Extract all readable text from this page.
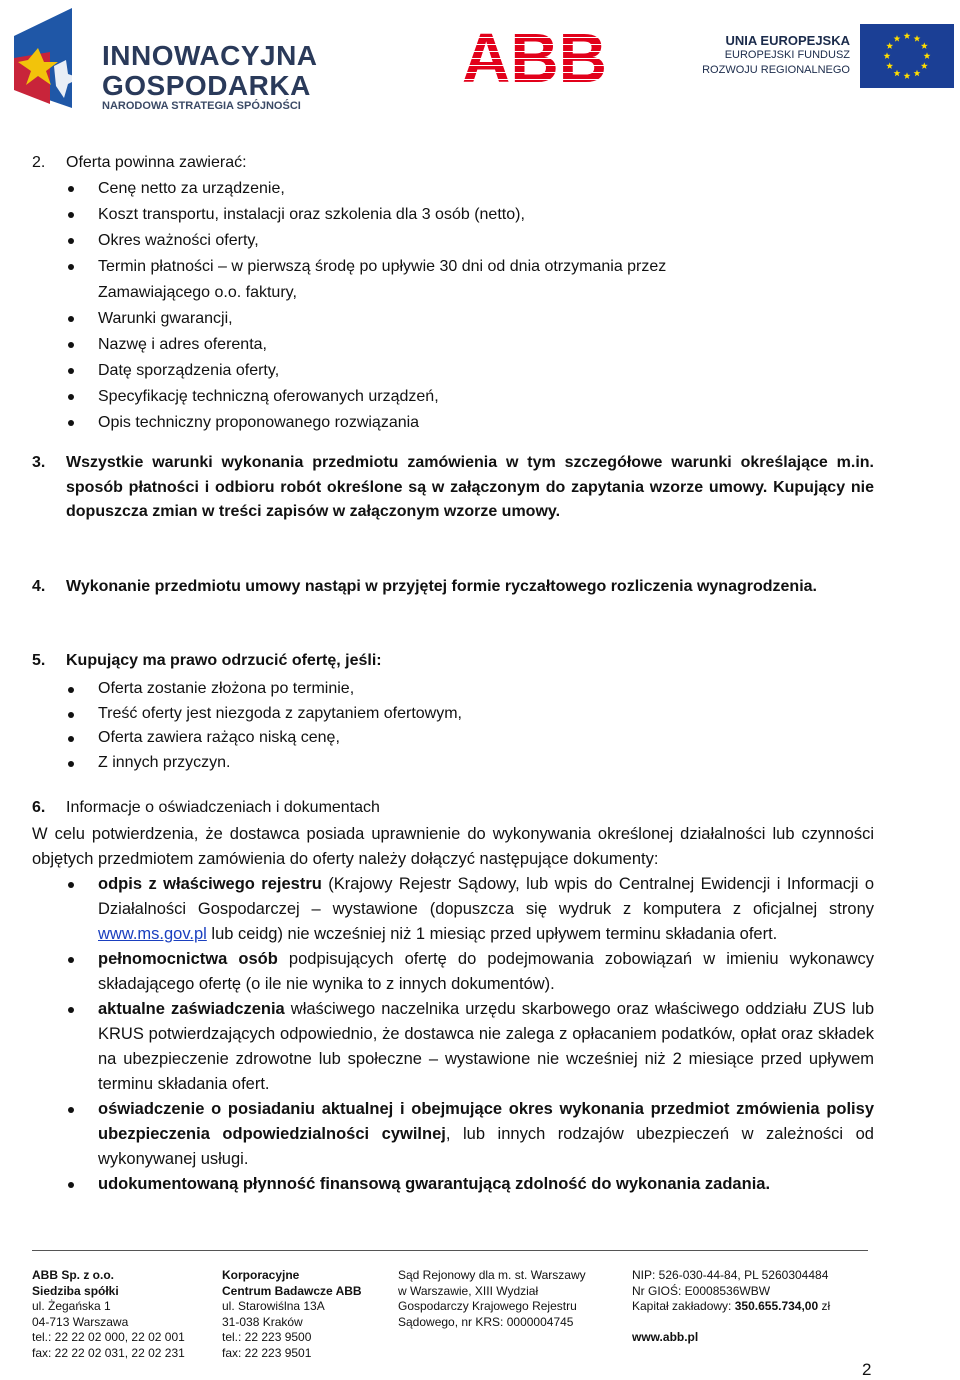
INNOWACYJNA
GOSPODARKA
NARODOWA STRATEGIA SPÓJNOŚCI
ABB	UNIA EUROPEJSKA
EUROPEJSKI FUNDUSZ
ROZWOJU REGIONALNEGO
2. Oferta powinna zawierać:
Cenę netto za urządzenie,
Koszt transportu, instalacji oraz szkolenia dla 3 osób (netto),
Okres ważności oferty,
Termin płatności – w pierwszą środę po upływie 30 dni od dnia otrzymania przez Zamawiającego o.o. faktury,
Warunki gwarancji,
Nazwę i adres oferenta,
Datę sporządzenia oferty,
Specyfikację techniczną oferowanych urządzeń,
Opis techniczny proponowanego rozwiązania
3. Wszystkie warunki wykonania przedmiotu zamówienia w tym szczegółowe warunki określające m.in. sposób płatności i odbioru robót określone są w załączonym do zapytania wzorze umowy. Kupujący nie dopuszcza zmian w treści zapisów w załączonym wzorze umowy.
4. Wykonanie przedmiotu umowy nastąpi w przyjętej formie ryczałtowego rozliczenia wynagrodzenia.
5. Kupujący ma prawo odrzucić ofertę, jeśli:
Oferta zostanie złożona po terminie,
Treść oferty jest niezgoda z zapytaniem ofertowym,
Oferta zawiera rażąco niską cenę,
Z innych przyczyn.
6. Informacje o oświadczeniach i dokumentach
W celu potwierdzenia, że dostawca posiada uprawnienie do wykonywania określonej działalności lub czynności objętych przedmiotem zamówienia do oferty należy dołączyć następujące dokumenty:
odpis z właściwego rejestru (Krajowy Rejestr Sądowy, lub wpis do Centralnej Ewidencji i Informacji o Działalności Gospodarczej – wystawione (dopuszcza się wydruk z komputera z oficjalnej strony www.ms.gov.pl lub ceidg) nie wcześniej niż 1 miesiąc przed upływem terminu składania ofert.
pełnomocnictwa osób podpisujących ofertę do podejmowania zobowiązań w imieniu wykonawcy składającego ofertę (o ile nie wynika to z innych dokumentów).
aktualne zaświadczenia właściwego naczelnika urzędu skarbowego oraz właściwego oddziału ZUS lub KRUS potwierdzających odpowiednio, że dostawca nie zalega z opłacaniem podatków, opłat oraz składek na ubezpieczenie zdrowotne lub społeczne – wystawione nie wcześniej niż 2 miesiące przed upływem terminu składania ofert.
oświadczenie o posiadaniu aktualnej i obejmujące okres wykonania przedmiot zmówienia polisy ubezpieczenia odpowiedzialności cywilnej, lub innych rodzajów ubezpieczeń w zależności od wykonywanej usługi.
udokumentowaną płynność finansową gwarantującą zdolność do wykonania zadania.
ABB Sp. z o.o.
Siedziba spółki
ul. Żegańska 1
04-713 Warszawa
tel.: 22 22 02 000, 22 02 001
fax: 22 22 02 031, 22 02 231
Korporacyjne
Centrum Badawcze ABB
ul. Starowiślna 13A
31-038 Kraków
tel.: 22 223 9500
fax: 22 223 9501
Sąd Rejonowy dla m. st. Warszawy
w Warszawie, XIII Wydział
Gospodarczy Krajowego Rejestru
Sądowego, nr KRS: 0000004745
NIP: 526-030-44-84, PL 5260304484
Nr GIOŚ: E0008536WBW
Kapitał zakładowy: 350.655.734,00 zł
www.abb.pl
2
